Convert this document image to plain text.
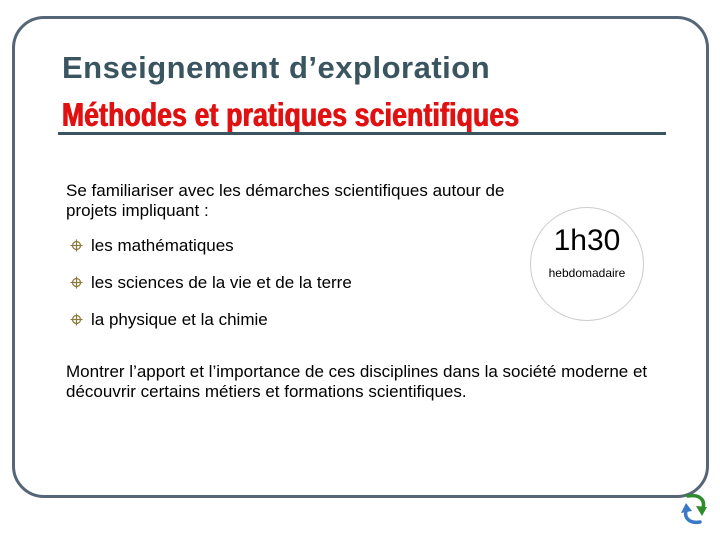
Enseignement d’exploration
Méthodes et pratiques scientifiques
Se familiariser avec les démarches scientifiques autour de projets impliquant :
les mathématiques
les sciences de la vie et de la terre
la physique et la chimie
1h30
hebdomadaire
Montrer l’apport et l’importance de ces disciplines dans la société moderne et découvrir certains métiers et formations scientifiques.
